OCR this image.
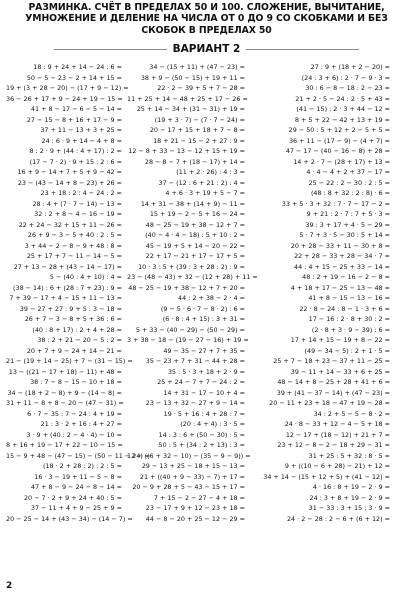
РАЗМИНКА. СЧЁТ В ПРЕДЕЛАХ 50 И 100. СЛОЖЕНИЕ, ВЫЧИТАНИЕ, УМНОЖЕНИЕ И ДЕЛЕНИЕ НА ЧИСЛА ОТ 0 ДО 9 СО СКОБКАМИ И БЕЗ СКОБОК В ПРЕДЕЛАХ 50
ВАРИАНТ 2
18 : 9 + 24 + 14 − 24 : 6 =
50 − 5 − 23 − 2 + 14 + 15 =
19 + (3 + 28 − 20) − (17 + 9 − 12) =
36 − 26 + 17 + 9 − 24 + 19 − 15 =
41 + 8 − 17 − 6 − 5 − 14 =
27 − 15 − 8 + 16 + 17 − 9 =
37 + 11 − 13 + 3 + 25 =
24 : 6 · 9 + 14 − 4 + 8 =
8 : 2 · 9 + (44 : 4 + 17) : 2 =
(17 − 7 · 2) · 9 + 15 : 2 : 6 =
16 + 9 − 14 + 7 + 5 + 9 − 42 =
23 − (43 − 14 + 8 − 23) + 26 =
23 + 18 : 2 : 4 − 24 : 2 =
28 : 4 + (7 · 7 − 14) − 13 =
32 : 2 + 8 − 4 − 16 − 19 =
22 + 24 − 32 + 15 + 11 − 26 =
26 + 9 − 3 − 5 + 40 : 2 : 5 =
3 + 44 − 2 − 8 − 9 + 48 : 8 =
25 + 17 + 7 − 11 − 14 − 5 =
27 + 13 − 28 + (43 − 14 − 17) =
5 − (40 : 4 + 10) : 4 =
(38 − 14) : 6 + (28 : 7 + 23) : 9 =
7 + 39 − 17 + 4 − 15 + 11 − 13 =
39 − 27 + 27 : 9 + 5 : 3 − 18 =
26 + 7 − 3 − 8 + 5 + 36 : 6 =
(40 : 8 + 17) : 2 + 4 + 28 =
38 : 2 + 21 − 20 − 5 : 2 =
20 + 7 + 9 − 24 + 14 − 21 =
21 − (19 + 14 − 25) + 7 − (31 − 15) =
13 − ((21 − 17 + 18) − 11) + 48 =
38 : 7 − 8 − 15 − 10 + 18 =
34 − (18 + 2 − 8) + 9 − (14 − 8) =
31 + 11 − 8 + 8 − 20 − (47 − 31) =
6 · 7 − 35 : 7 − 24 : 4 + 19 =
21 : 3 · 2 + 16 : 4 + 27 =
3 · 9 + (40 : 2 − 4 · 4) − 10 =
8 + 16 + 19 − 17 + 22 − 10 − 15 =
15 − 9 + 48 − (47 − 15) − (50 − 11 − 24) =
(18 · 2 + 28 : 2) : 2 : 5 =
16 · 3 − 19 + 11 − 5 − 8 =
47 + 8 − 9 − 24 − 8 − 14 =
20 − 7 · 2 + 9 + 24 + 40 : 5 =
37 − 11 + 4 + 9 − 25 + 9 =
20 − 25 − 14 + (43 − 34) − (14 − 7) =
34 − (15 + 11) + (47 − 23) =
38 + 9 − (50 − 15) + 19 + 11 =
22 · 2 − 39 + 5 + 7 − 28 =
11 + 25 + 14 − 48 + 25 + 17 − 26 =
25 + 14 − 34 + (31 − 31) + 19 =
(19 + 3 · 7) − (7 · 7 − 24) =
20 − 17 + 15 + 18 + 7 − 8 =
18 + 21 − 15 − 2 + 27 : 9 =
12 − 8 + 33 − 13 − 12 + 15 + 19 =
28 − 8 − 7 + (18 − 17) + 14 =
(11 + 2 · 26) : 4 : 3 =
37 − (12 : 6 + 21 : 2) : 4 =
4 + 6 · 3 + 19 + 5 − 7 =
14 + 31 − 38 + (14 + 9) − 11 =
15 + 19 − 2 − 5 + 16 − 24 =
48 − 25 − 19 + 38 − 12 + 7 =
(40 − 4 · 4 − 18) : 5 + 10 : 2 =
45 − 19 + 5 + 14 − 20 − 22 =
22 + 17 − 21 + 17 − 17 + 5 =
10 · 3 : 5 + (39 : 3 + 28 : 2) : 9 =
23 − (48 − 43) + 32 − (12 + 28) + 11 =
48 − 25 − 19 + 38 − 12 + 7 + 20 =
44 : 2 + 38 − 2 · 4 =
(9 − 5 · 6 · 7 − 8 · 2) : 6 =
(6 · 8 : 4 + 15) : 3 + 31 =
5 + 33 − (40 − 29) − (50 − 29) =
3 + 38 − 18 − (19 − 27 − 16) + 19 =
49 − 35 − 27 + 7 + 35 =
35 − 23 + 7 + 31 − 44 + 28 =
35 : 5 · 3 + 18 + 2 · 9 =
25 + 24 − 7 + 7 − 24 : 2 =
14 + 31 − 17 − 10 + 4 =
23 − 13 + 32 − 27 + 9 − 14 =
19 · 5 + 16 : 4 + 28 : 7 =
(20 : 4 + 4) : 3 · 5 =
14 : 3 : 6 + (50 − 30) : 5 =
50 : 5 + (34 : 2 + 13) : 3 =
12 − ((6 + 32 − 10) − (35 − 9 − 9)) =
29 − 13 + 25 − 18 + 15 − 13 =
21 + ((40 + 9 − 33) − 7) + 17 =
20 − 9 + 28 + 5 − 43 − 15 + 17 =
7 + 15 − 2 − 27 − 4 + 18 =
23 − 17 + 9 + 12 − 23 + 18 =
44 − 8 − 20 + 25 − 12 − 29 =
27 : 9 + (18 + 2 − 20) =
(24 : 3 + 6) : 2 · 7 − 9 · 3 =
30 : 6 − 8 − 18 : 2 − 23 =
21 + 2 · 5 − 24 : 2 · 5 + 43 =
(41 − 15) : 2 · 3 + 44 − 12 =
8 + 5 + 22 − 42 + 13 + 19 =
29 − 50 : 5 + 12 + 2 − 5 + 5 =
36 + 11 − (17 − 9) − (4 + 7) =
47 − 17 − (40 − 16 − 8) + 28 =
14 + 2 · 7 − (28 + 17) + 13 =
4 · 4 − 4 + 2 + 37 − 17 =
25 − 22 : 2 − 30 : 2 : 5 =
(48 : 8 + 32 : 2 : 8) · 6 =
33 + 5 · 3 + 32 : 7 · 7 − 17 − 2 =
9 + 21 : 2 · 7 : 7 + 5 · 3 =
39 : 3 + 17 + 4 · 5 − 29 =
5 · 7 + 3 · 5 − 30 : 5 + 14 =
20 + 28 − 33 + 11 − 30 + 8 =
22 + 28 − 33 + 28 − 34 · 7 =
44 : 4 + 15 − 25 + 33 − 14 =
48 : 2 + 19 − 16 − 2 − 8 =
4 + 18 + 17 − 25 − 13 − 48 =
41 + 8 − 15 − 13 − 16 =
22 · 8 − 24 : 8 − 1 · 3 + 6 =
17 − 16 : 2 · 8 + 30 : 2 =
(2 · 8 + 3 · 9 − 39) : 6 =
17 + 14 + 15 − 19 + 8 − 22 =
(49 − 34 − 5) : 2 + 1 · 5 =
25 + 7 − 18 + 23 − 37 + 11 − 25 =
39 − 11 + 14 − 33 + 6 + 25 =
48 − 14 + 8 − 25 + 28 + 41 + 6 =
39 + (41 − 37 − 14) + (47 − 23) =
20 − 11 + 23 + 18 − 47 + 19 − 28 =
34 : 2 + 5 − 5 − 8 · 2 =
24 · 8 − 33 + 12 − 4 − 5 + 18 =
12 − 17 + (18 − 12) + 21 + 7 =
23 + 12 − 8 − 2 − 18 + 29 − 31 =
31 + 25 : 5 + 32 : 8 · 5 =
9 + ((10 − 6 + 28) − 21) + 12 =
34 + 14 − (15 + 12 + 5) + (41 − 12) =
4 · 16 : 8 + 19 − 2 · 9 =
24 : 3 + 8 + 19 − 2 · 9 =
31 − 33 : 3 + 15 : 3 · 9 =
24 · 2 − 28 : 2 − 6 + (6 + 12) =
2
